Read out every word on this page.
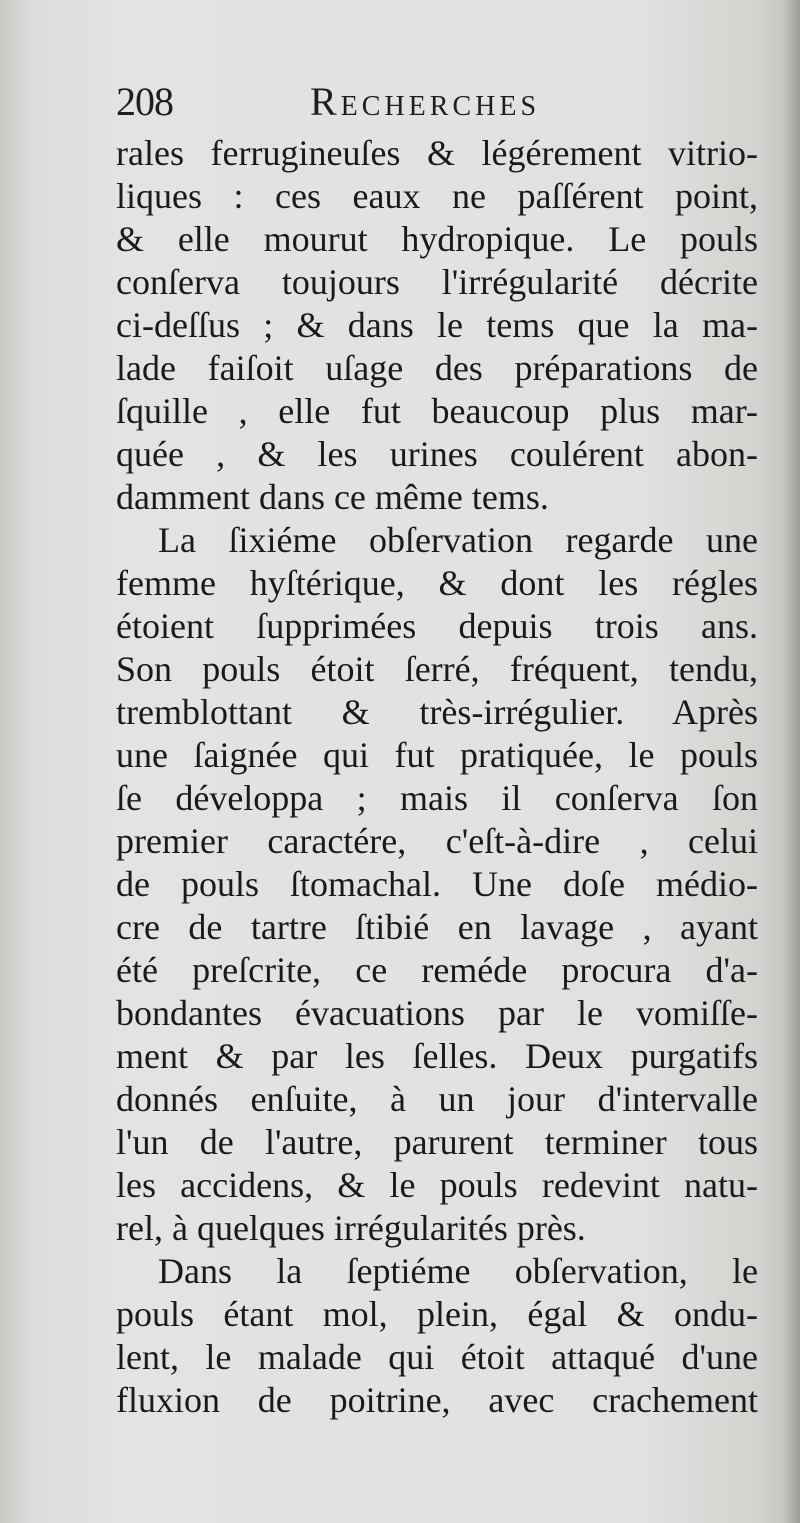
208	Recherches
rales ferrugineuſes & légérement vitrio-
liques : ces eaux ne paſſérent point,
& elle mourut hydropique. Le pouls
conſerva toujours l'irrégularité décrite
ci-deſſus ; & dans le tems que la ma-
lade faiſoit uſage des préparations de
ſquille , elle fut beaucoup plus mar-
quée , & les urines coulérent abon-
damment dans ce même tems.
La ſixiéme obſervation regarde une
femme hyſtérique, & dont les régles
étoient ſupprimées depuis trois ans.
Son pouls étoit ſerré, fréquent, tendu,
tremblottant & très-irrégulier. Après
une ſaignée qui fut pratiquée, le pouls
ſe développa ; mais il conſerva ſon
premier caractére, c'eſt-à-dire , celui
de pouls ſtomachal. Une doſe médio-
cre de tartre ſtibié en lavage , ayant
été preſcrite, ce reméde procura d'a-
bondantes évacuations par le vomiſſe-
ment & par les ſelles. Deux purgatifs
donnés enſuite, à un jour d'intervalle
l'un de l'autre, parurent terminer tous
les accidens, & le pouls redevint natu-
rel, à quelques irrégularités près.
Dans la ſeptiéme obſervation, le
pouls étant mol, plein, égal & ondu-
lent, le malade qui étoit attaqué d'une
fluxion de poitrine, avec crachement
